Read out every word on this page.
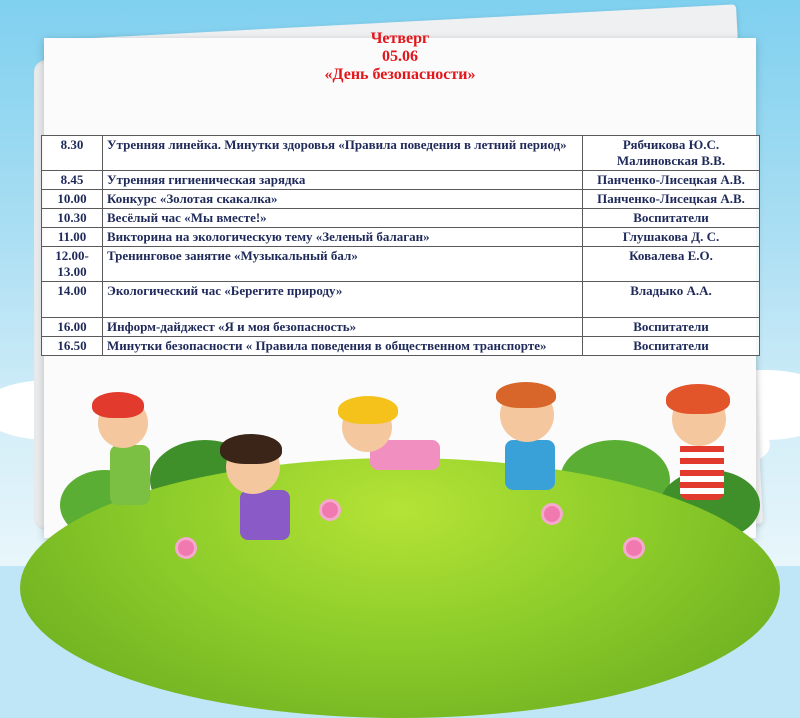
Четверг
05.06
«День безопасности»
8.30	Утренняя линейка. Минутки здоровья «Правила поведения в летний период»	Рябчикова Ю.С. Малиновская В.В.
8.45	Утренняя гигиеническая зарядка	Панченко-Лисецкая А.В.
10.00	Конкурс «Золотая скакалка»	Панченко-Лисецкая А.В.
10.30	Весёлый час «Мы вместе!»	Воспитатели
11.00	Викторина на экологическую тему «Зеленый балаган»	Глушакова Д. С.
12.00-13.00	Тренинговое занятие «Музыкальный бал»	Ковалева Е.О.
14.00	Экологический час «Берегите природу»	Владыко А.А.
16.00	Информ-дайджест «Я и моя безопасность»	Воспитатели
16.50	Минутки безопасности « Правила поведения в общественном транспорте»	Воспитатели
